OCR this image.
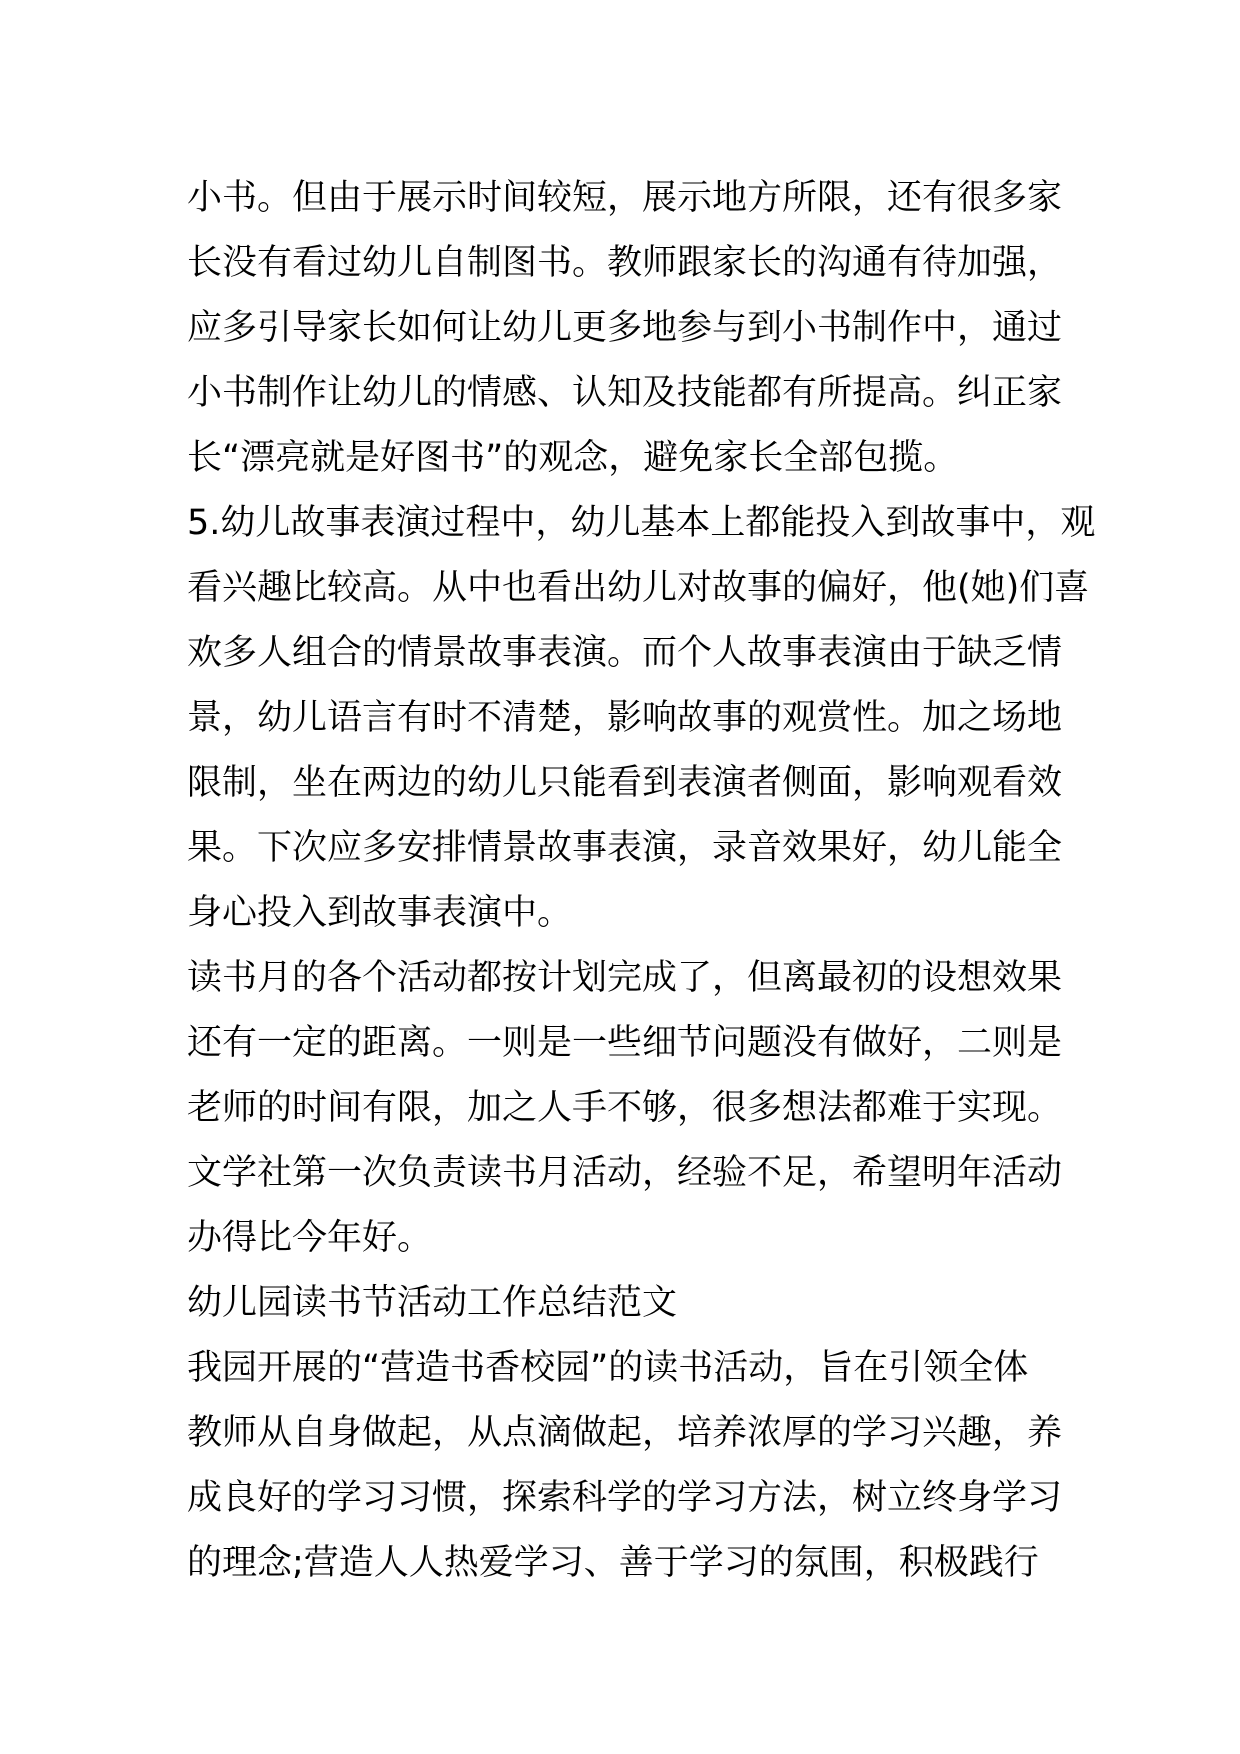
小书。但由于展示时间较短，展示地方所限，还有很多家
长没有看过幼儿自制图书。教师跟家长的沟通有待加强，
应多引导家长如何让幼儿更多地参与到小书制作中，通过
小书制作让幼儿的情感、认知及技能都有所提高。纠正家
长“漂亮就是好图书”的观念，避免家长全部包揽。
5.幼儿故事表演过程中，幼儿基本上都能投入到故事中，观
看兴趣比较高。从中也看出幼儿对故事的偏好，他(她)们喜
欢多人组合的情景故事表演。而个人故事表演由于缺乏情
景，幼儿语言有时不清楚，影响故事的观赏性。加之场地
限制，坐在两边的幼儿只能看到表演者侧面，影响观看效
果。下次应多安排情景故事表演，录音效果好，幼儿能全
身心投入到故事表演中。
读书月的各个活动都按计划完成了，但离最初的设想效果
还有一定的距离。一则是一些细节问题没有做好，二则是
老师的时间有限，加之人手不够，很多想法都难于实现。
文学社第一次负责读书月活动，经验不足，希望明年活动
办得比今年好。
幼儿园读书节活动工作总结范文
我园开展的“营造书香校园”的读书活动，旨在引领全体
教师从自身做起，从点滴做起，培养浓厚的学习兴趣，养
成良好的学习习惯，探索科学的学习方法，树立终身学习
的理念;营造人人热爱学习、善于学习的氛围，积极践行
